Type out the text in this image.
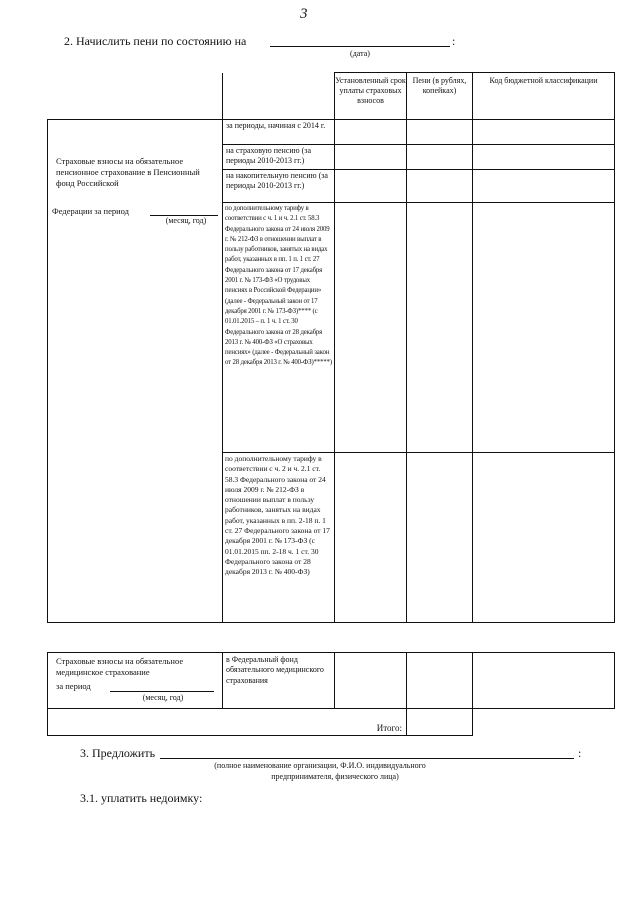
3
2. Начислить пени по состоянию на	:
(дата)

		Установленный срок уплаты страховых взносов	Пени (в рублях, копейках)	Код бюджетной классификации

Страховые взносы на обязательное пенсионное страхование в Пенсионный фонд Российской
Федерации за период
(месяц, год)	за периоды, начиная с 2014 г.			

	на страховую пенсию (за периоды 2010-2013 гг.)			

	на накопительную пенсию (за периоды 2010-2013 гг.)			

	по дополнительному тарифу в соответствии с ч. 1 и ч. 2.1 ст. 58.3 Федерального закона от 24 июля 2009 г. № 212-ФЗ в отношении выплат в пользу работников, занятых на видах работ, указанных в пп. 1 п. 1 ст. 27 Федерального закона от 17 декабря 2001 г. № 173-ФЗ «О трудовых пенсиях в Российской Федерации» (далее - Федеральный закон от 17 декабря 2001 г. № 173-ФЗ)**** (с 01.01.2015 – п. 1 ч. 1 ст. 30 Федерального закона от 28 декабря 2013 г. № 400-ФЗ «О страховых пенсиях» (далее - Федеральный закон от 28 декабря 2013 г. № 400-ФЗ)*****)			

	по дополнительному тарифу в соответствии с ч. 2 и ч. 2.1 ст. 58.3 Федерального закона от 24 июля 2009 г. № 212-ФЗ в отношении выплат в пользу работников, занятых на видах работ, указанных в пп. 2-18 п. 1 ст. 27 Федерального закона от 17 декабря 2001 г. № 173-ФЗ (с 01.01.2015 пп. 2-18 ч. 1 ст. 30 Федерального закона от 28 декабря 2013 г. № 400-ФЗ)			

Страховые взносы на обязательное медицинское страхование
за период
(месяц, год)	в Федеральный фонд обязательного медицинского страхования			

Итого:				

3. Предложить	:
(полное наименование организации, Ф.И.О. индивидуального
предпринимателя, физического лица)
3.1. уплатить недоимку:
